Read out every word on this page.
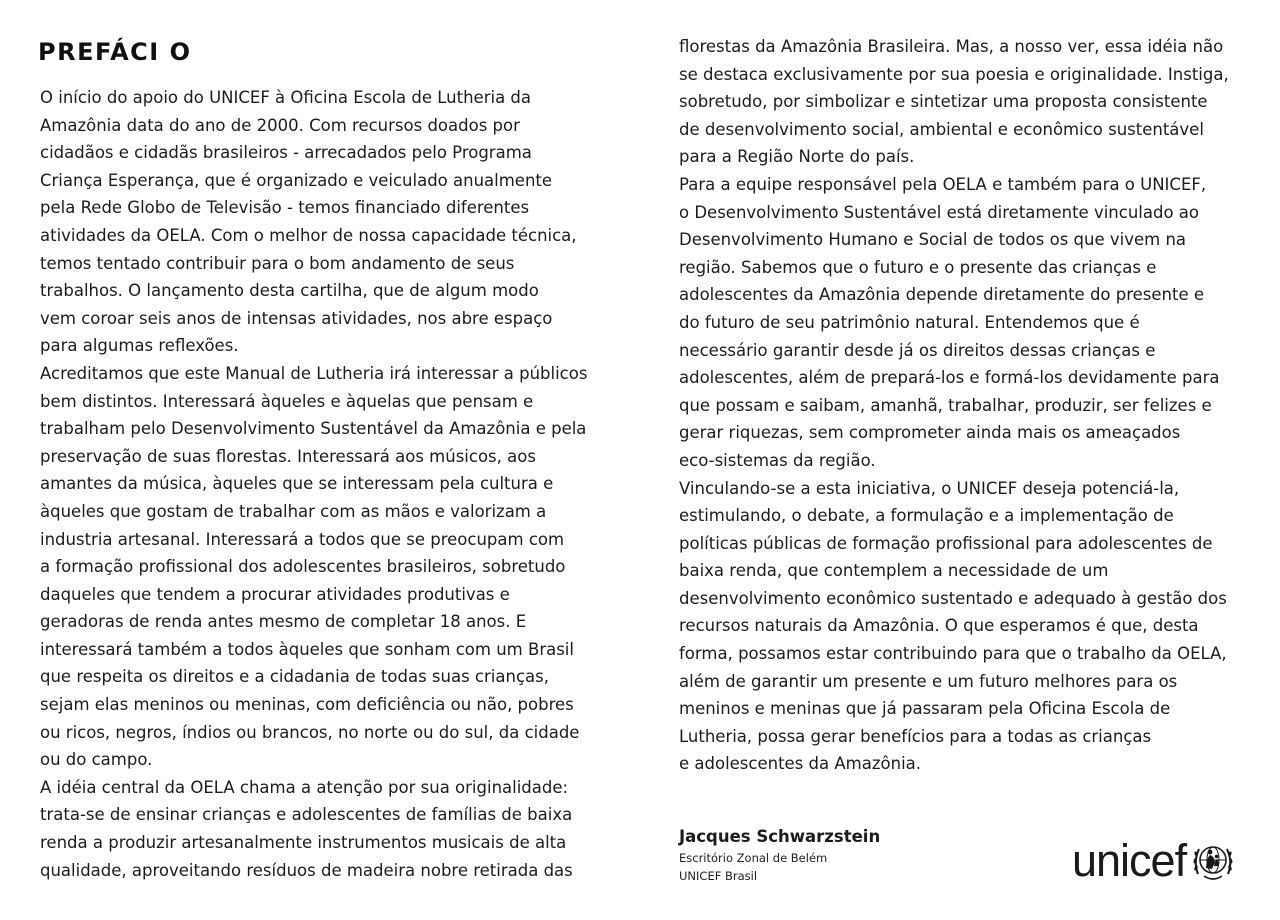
PREFÁCI O
O início do apoio do UNICEF à Oficina Escola de Lutheria da
Amazônia data do ano de 2000. Com recursos doados por
cidadãos e cidadãs brasileiros - arrecadados pelo Programa
Criança Esperança, que é organizado e veiculado anualmente
pela Rede Globo de Televisão - temos financiado diferentes
atividades da OELA. Com o melhor de nossa capacidade técnica,
temos tentado contribuir para o bom andamento de seus
trabalhos. O lançamento desta cartilha, que de algum modo
vem coroar seis anos de intensas atividades, nos abre espaço
para algumas reflexões.
Acreditamos que este Manual de Lutheria irá interessar a públicos
bem distintos. Interessará àqueles e àquelas que pensam e
trabalham pelo Desenvolvimento Sustentável da Amazônia e pela
preservação de suas florestas. Interessará aos músicos, aos
amantes da música, àqueles que se interessam pela cultura e
àqueles que gostam de trabalhar com as mãos e valorizam a
industria artesanal. Interessará a todos que se preocupam com
a formação profissional dos adolescentes brasileiros, sobretudo
daqueles que tendem a procurar atividades produtivas e
geradoras de renda antes mesmo de completar 18 anos. E
interessará também a todos àqueles que sonham com um Brasil
que respeita os direitos e a cidadania de todas suas crianças,
sejam elas meninos ou meninas, com deficiência ou não, pobres
ou ricos, negros, índios ou brancos, no norte ou do sul, da cidade
ou do campo.
A idéia central da OELA chama a atenção por sua originalidade:
trata-se de ensinar crianças e adolescentes de famílias de baixa
renda a produzir artesanalmente instrumentos musicais de alta
qualidade, aproveitando resíduos de madeira nobre retirada das
florestas da Amazônia Brasileira. Mas, a nosso ver, essa idéia não
se destaca exclusivamente por sua poesia e originalidade. Instiga,
sobretudo, por simbolizar e sintetizar uma proposta consistente
de desenvolvimento social, ambiental e econômico sustentável
para a Região Norte do país.
Para a equipe responsável pela OELA e também para o UNICEF,
o Desenvolvimento Sustentável está diretamente vinculado ao
Desenvolvimento Humano e Social de todos os que vivem na
região. Sabemos que o futuro e o presente das crianças e
adolescentes da Amazônia depende diretamente do presente e
do futuro de seu patrimônio natural. Entendemos que é
necessário garantir desde já os direitos dessas crianças e
adolescentes, além de prepará-los e formá-los devidamente para
que possam e saibam, amanhã, trabalhar, produzir, ser felizes e
gerar riquezas, sem comprometer ainda mais os ameaçados
eco-sistemas da região.
Vinculando-se a esta iniciativa, o UNICEF deseja potenciá-la,
estimulando, o debate, a formulação e a implementação de
políticas públicas de formação profissional para adolescentes de
baixa renda, que contemplem a necessidade de um
desenvolvimento econômico sustentado e adequado à gestão dos
recursos naturais da Amazônia. O que esperamos é que, desta
forma, possamos estar contribuindo para que o trabalho da OELA,
além de garantir um presente e um futuro melhores para os
meninos e meninas que já passaram pela Oficina Escola de
Lutheria, possa gerar benefícios para a todas as crianças
e adolescentes da Amazônia.

Jacques Schwarzstein

Escritório Zonal de Belém

UNICEF Brasil	unicef
